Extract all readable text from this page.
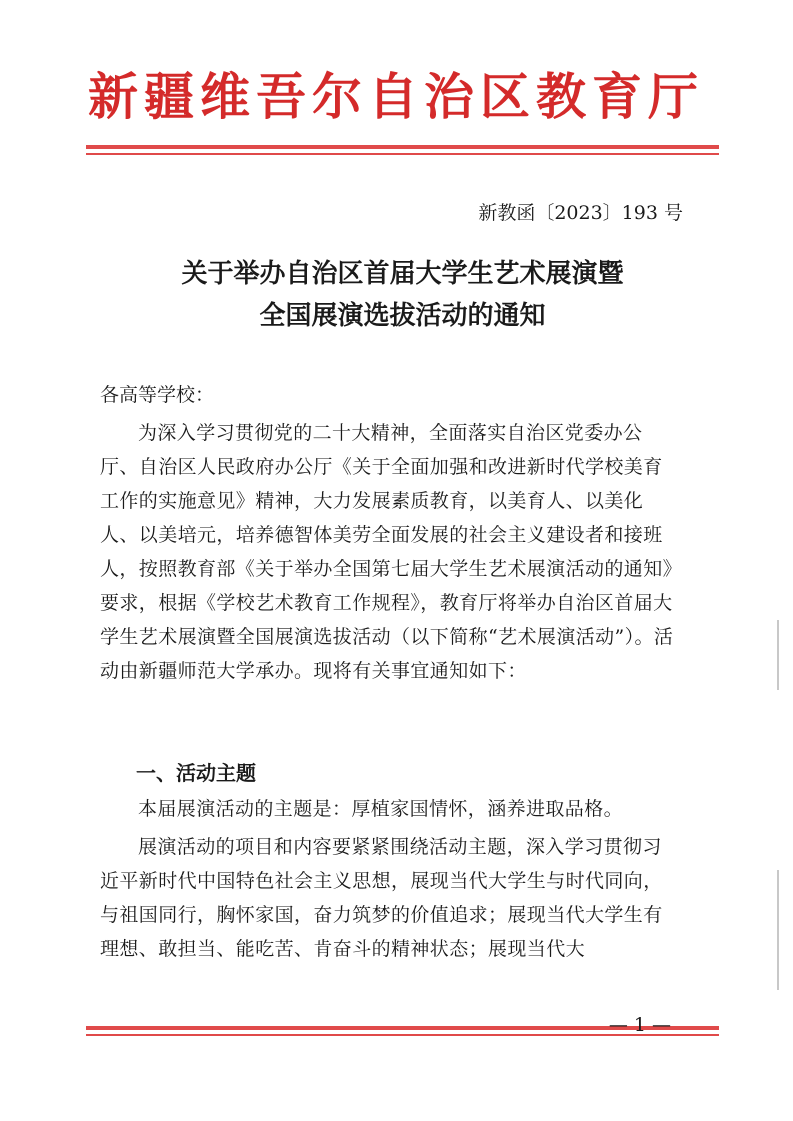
新疆维吾尔自治区教育厅
新教函〔2023〕193 号
关于举办自治区首届大学生艺术展演暨
全国展演选拔活动的通知
各高等学校：
为深入学习贯彻党的二十大精神，全面落实自治区党委办公厅、自治区人民政府办公厅《关于全面加强和改进新时代学校美育工作的实施意见》精神，大力发展素质教育，以美育人、以美化人、以美培元，培养德智体美劳全面发展的社会主义建设者和接班人，按照教育部《关于举办全国第七届大学生艺术展演活动的通知》要求，根据《学校艺术教育工作规程》，教育厅将举办自治区首届大学生艺术展演暨全国展演选拔活动（以下简称“艺术展演活动”）。活动由新疆师范大学承办。现将有关事宜通知如下：
一、活动主题
本届展演活动的主题是：厚植家国情怀，涵养进取品格。
展演活动的项目和内容要紧紧围绕活动主题，深入学习贯彻习近平新时代中国特色社会主义思想，展现当代大学生与时代同向，与祖国同行，胸怀家国，奋力筑梦的价值追求；展现当代大学生有理想、敢担当、能吃苦、肯奋斗的精神状态；展现当代大
— 1 —
